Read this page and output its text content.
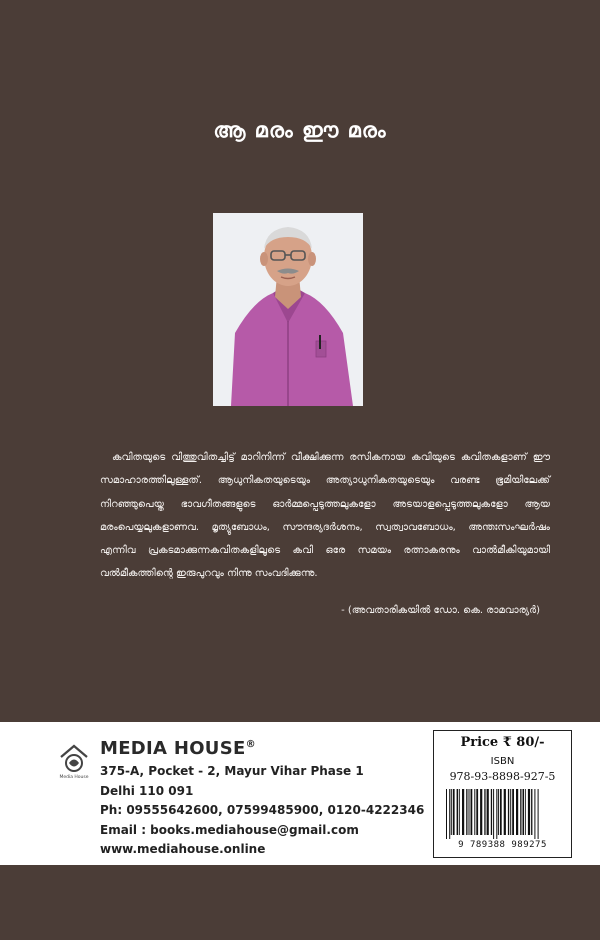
ആ മരം ഈ മരം

കവിതയുടെ വിത്തുവിതച്ചിട്ട് മാറിനിന്ന് വീക്ഷിക്കുന്ന രസികനായ കവിയുടെ കവിതകളാണ് ഈ സമാഹാരത്തിലുള്ളത്. ആധുനികതയുടെയും അത്യാധുനികതയുടെയും വരണ്ട ഭൂമിയിലേക്ക് നിറഞ്ഞുപെയ്ത ഭാവഗീതങ്ങളുടെ ഓർമ്മപ്പെടുത്തലുകളോ അടയാളപ്പെടുത്തലുകളോ ആയ മരംപെയ്യലുകളാണവ. മൃത്യുബോധം, സൗന്ദര്യദർശനം, സ്വത്വാവബോധം, അന്തഃസംഘർഷം എന്നിവ പ്രകടമാക്കുന്നകവിതകളിലൂടെ കവി ഒരേ സമയം രത്നാകരനും വാൽമീകിയുമായി വൽമീകത്തിന്റെ ഇരുപുറവും നിന്നു സംവദിക്കുന്നു.

- (അവതാരികയിൽ ഡോ. കെ. രാമവാര്യർ)
Media House
MEDIA HOUSE®
375-A, Pocket - 2, Mayur Vihar Phase 1
Delhi 110 091
Ph: 09555642600, 07599485900, 0120-4222346
Email : books.mediahouse@gmail.com
www.mediahouse.online
Price ₹ 80/-
ISBN
978-93-8898-927-5
9 789388 989275
